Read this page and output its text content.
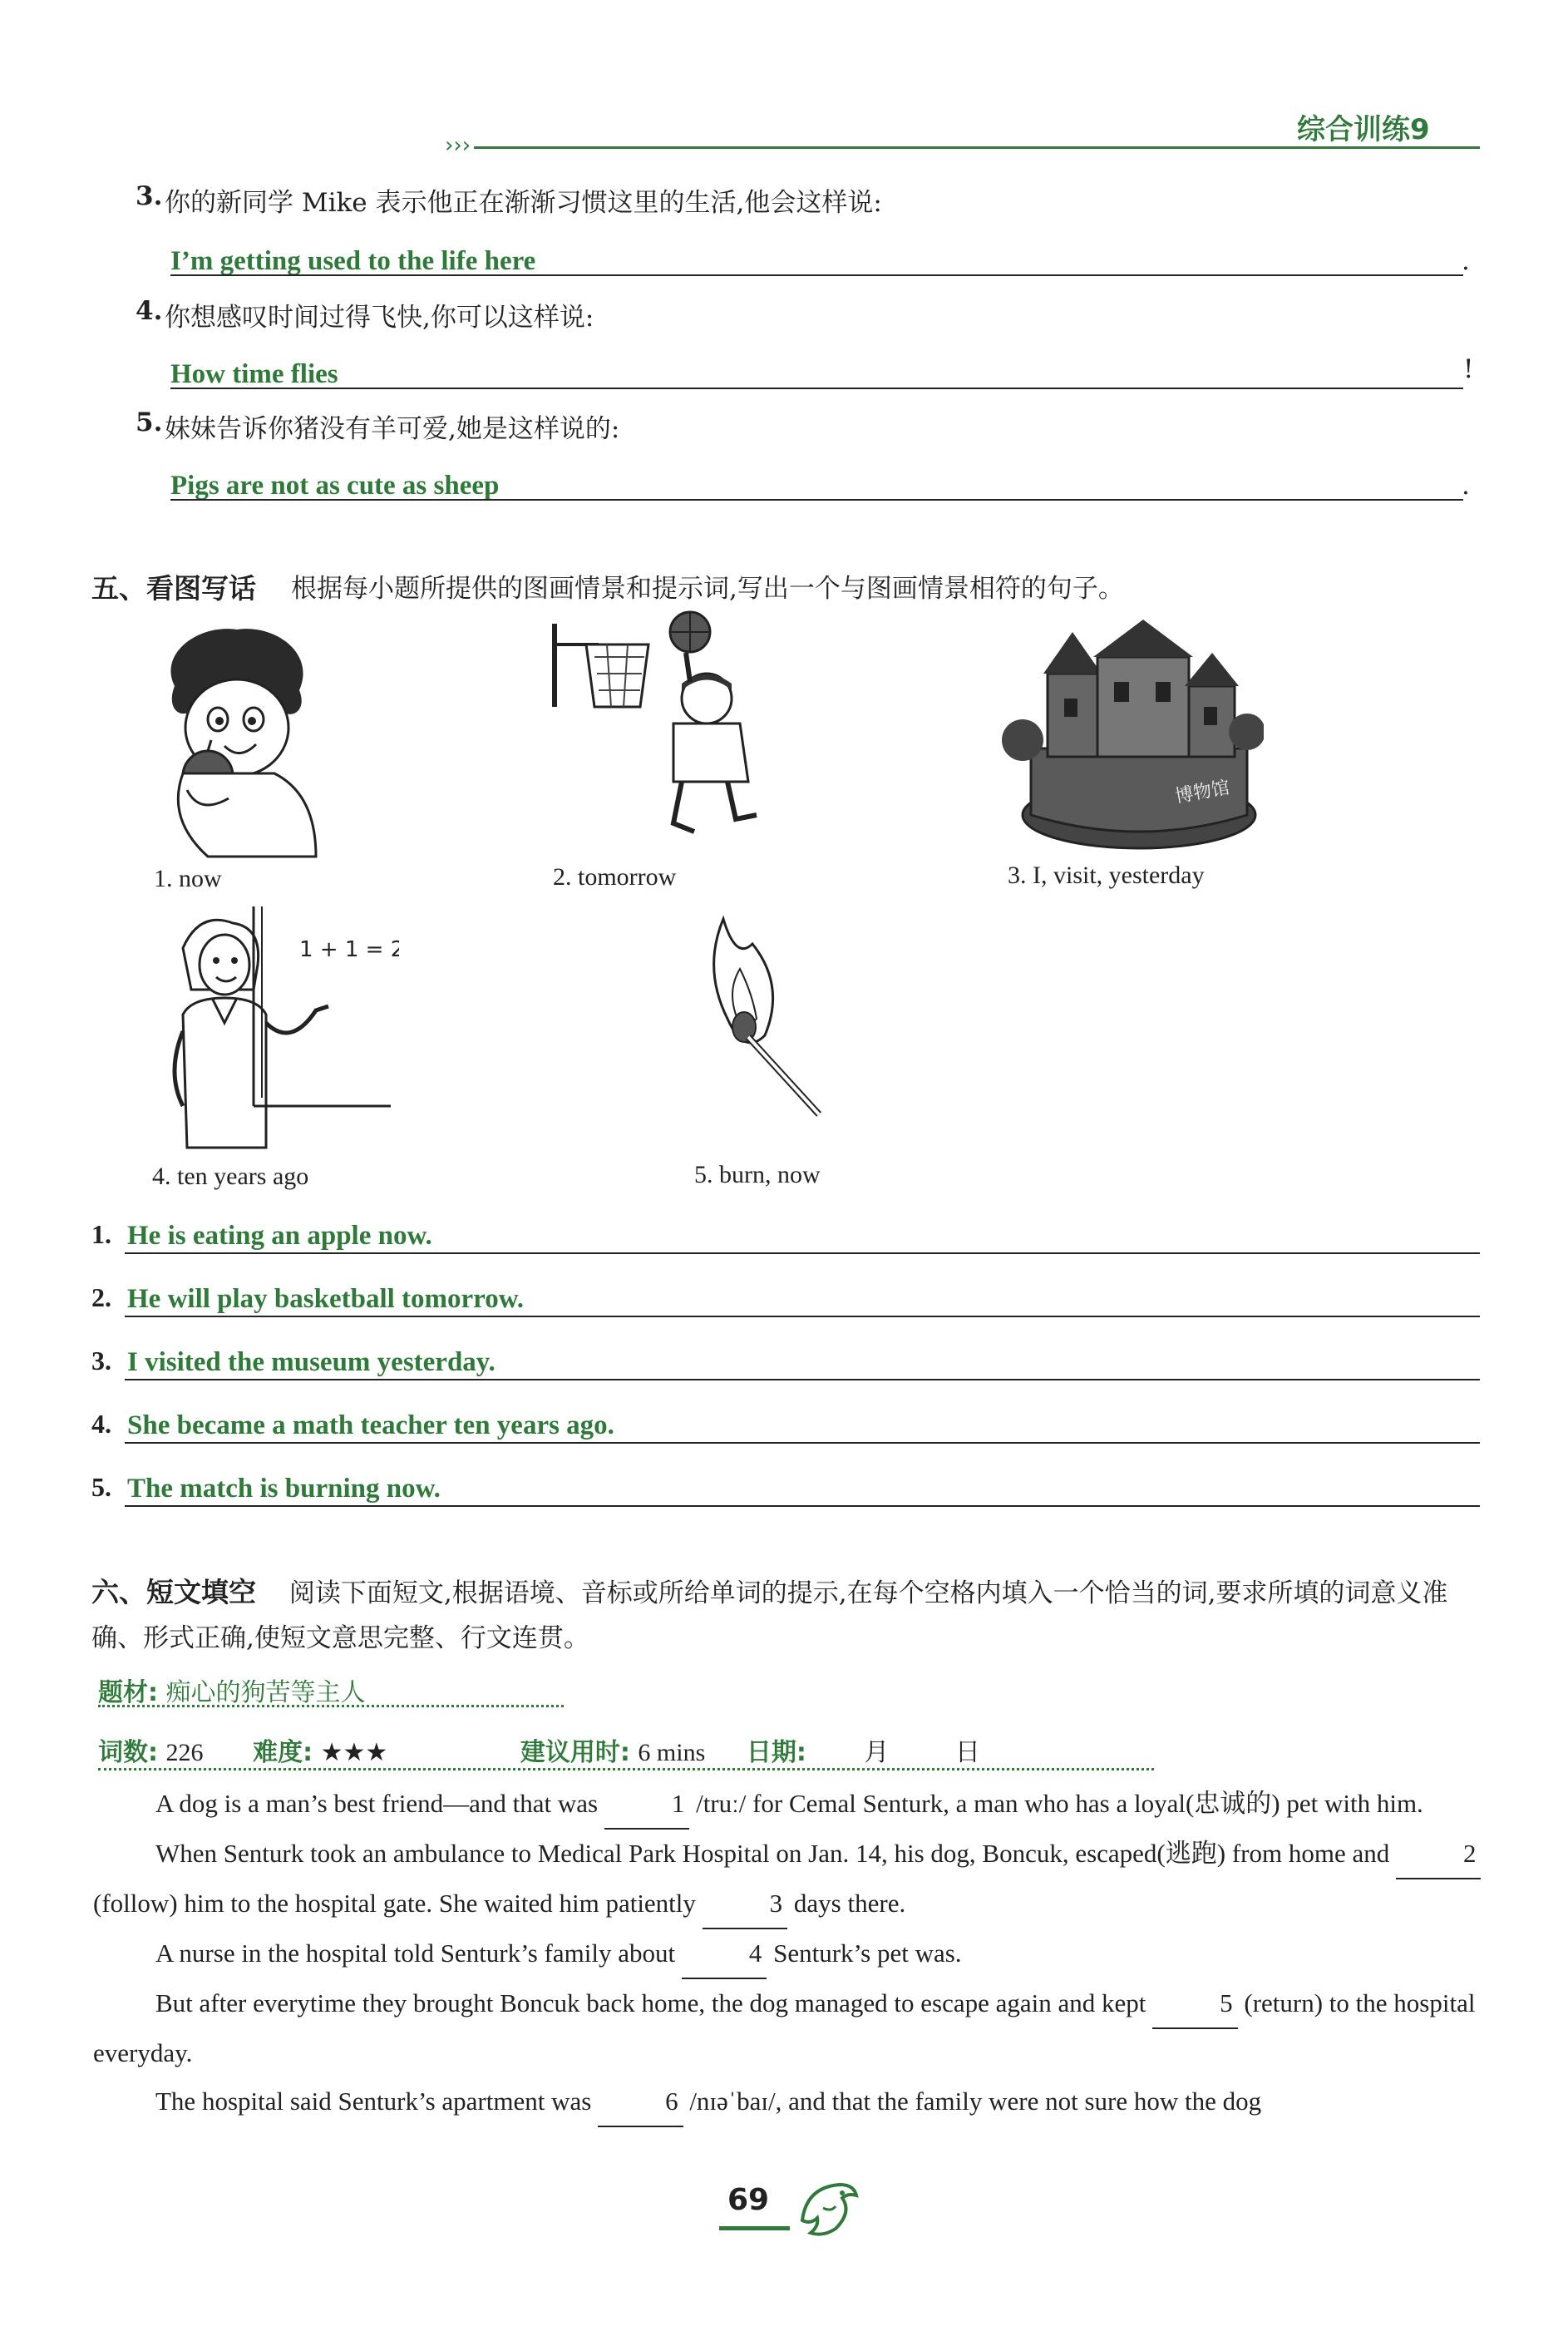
›››	综合训练9
3. 你的新同学 Mike 表示他正在渐渐习惯这里的生活,他会这样说:
I’m getting used to the life here	.
4. 你想感叹时间过得飞快,你可以这样说:
How time flies	!
5. 妹妹告诉你猪没有羊可爱,她是这样说的:
Pigs are not as cute as sheep	.
五、看图写话 根据每小题所提供的图画情景和提示词,写出一个与图画情景相符的句子。
1. now	2. tomorrow
博物馆
3. I, visit, yesterday
1 + 1 = 2
4. ten years ago	5. burn, now
1. He is eating an apple now.
2. He will play basketball tomorrow.
3. I visited the museum yesterday.
4. She became a math teacher ten years ago.
5. The match is burning now.
六、短文填空 阅读下面短文,根据语境、音标或所给单词的提示,在每个空格内填入一个恰当的词,要求所填的词意义准确、形式正确,使短文意思完整、行文连贯。
题材: 痴心的狗苦等主人
词数: 226 难度: ★★★	建议用时: 6 mins 日期: 月	日
A dog is a man’s best friend—and that was	1 /truː/ for Cemal Senturk, a man who has a loyal(忠诚的) pet with him.
When Senturk took an ambulance to Medical Park Hospital on Jan. 14, his dog, Boncuk, escaped(逃跑) from home and	2 (follow) him to the hospital gate. She waited him patiently	3 days there.
A nurse in the hospital told Senturk’s family about	4 Senturk’s pet was.
But after everytime they brought Boncuk back home, the dog managed to escape again and kept	5 (return) to the hospital everyday.
The hospital said Senturk’s apartment was	6 /nɪəˈbaɪ/, and that the family were not sure how the dog
69
